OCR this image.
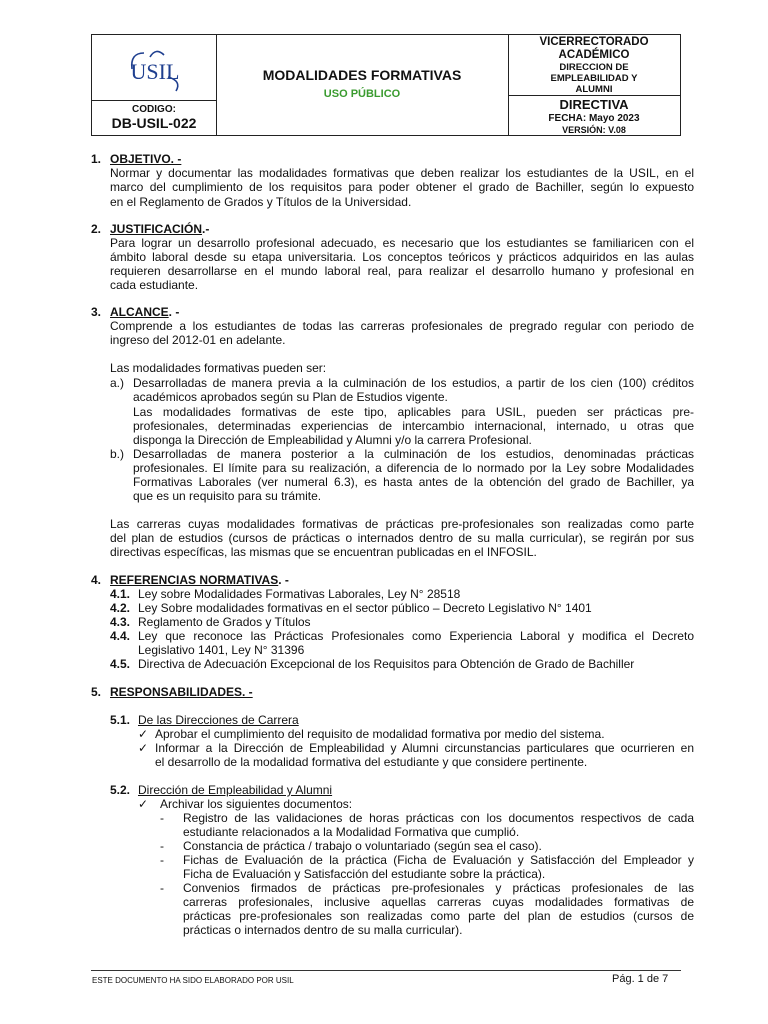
USIL
CODIGO:
DB-USIL-022
MODALIDADES FORMATIVAS
USO PÚBLICO
VICERRECTORADO ACADÉMICO
DIRECCION DE EMPLEABILIDAD Y ALUMNI
DIRECTIVA
FECHA: Mayo 2023
VERSIÓN: V.08
1. OBJETIVO. -
Normar y documentar las modalidades formativas que deben realizar los estudiantes de la USIL, en el
marco del cumplimiento de los requisitos para poder obtener el grado de Bachiller, según lo expuesto
en el Reglamento de Grados y Títulos de la Universidad.
2. JUSTIFICACIÓN.-
Para lograr un desarrollo profesional adecuado, es necesario que los estudiantes se familiaricen con el
ámbito laboral desde su etapa universitaria. Los conceptos teóricos y prácticos adquiridos en las aulas
requieren desarrollarse en el mundo laboral real, para realizar el desarrollo humano y profesional en
cada estudiante.
3. ALCANCE. -
Comprende a los estudiantes de todas las carreras profesionales de pregrado regular con periodo de
ingreso del 2012-01 en adelante.
Las modalidades formativas pueden ser:
a.) Desarrolladas de manera previa a la culminación de los estudios, a partir de los cien (100) créditos
académicos aprobados según su Plan de Estudios vigente.
Las modalidades formativas de este tipo, aplicables para USIL, pueden ser prácticas pre-
profesionales, determinadas experiencias de intercambio internacional, internado, u otras que
disponga la Dirección de Empleabilidad y Alumni y/o la carrera Profesional.
b.) Desarrolladas de manera posterior a la culminación de los estudios, denominadas prácticas
profesionales. El límite para su realización, a diferencia de lo normado por la Ley sobre Modalidades
Formativas Laborales (ver numeral 6.3), es hasta antes de la obtención del grado de Bachiller, ya
que es un requisito para su trámite.
Las carreras cuyas modalidades formativas de prácticas pre-profesionales son realizadas como parte
del plan de estudios (cursos de prácticas o internados dentro de su malla curricular), se regirán por sus
directivas específicas, las mismas que se encuentran publicadas en el INFOSIL.
4. REFERENCIAS NORMATIVAS. -
4.1. Ley sobre Modalidades Formativas Laborales, Ley N° 28518
4.2. Ley Sobre modalidades formativas en el sector público – Decreto Legislativo N° 1401
4.3. Reglamento de Grados y Títulos
4.4. Ley que reconoce las Prácticas Profesionales como Experiencia Laboral y modifica el Decreto
Legislativo 1401, Ley N° 31396
4.5. Directiva de Adecuación Excepcional de los Requisitos para Obtención de Grado de Bachiller
5. RESPONSABILIDADES. -
5.1. De las Direcciones de Carrera
✓ Aprobar el cumplimiento del requisito de modalidad formativa por medio del sistema.
✓ Informar a la Dirección de Empleabilidad y Alumni circunstancias particulares que ocurrieren en
el desarrollo de la modalidad formativa del estudiante y que considere pertinente.
5.2. Dirección de Empleabilidad y Alumni
✓ Archivar los siguientes documentos:
- Registro de las validaciones de horas prácticas con los documentos respectivos de cada
estudiante relacionados a la Modalidad Formativa que cumplió.
- Constancia de práctica / trabajo o voluntariado (según sea el caso).
- Fichas de Evaluación de la práctica (Ficha de Evaluación y Satisfacción del Empleador y
Ficha de Evaluación y Satisfacción del estudiante sobre la práctica).
- Convenios firmados de prácticas pre-profesionales y prácticas profesionales de las
carreras profesionales, inclusive aquellas carreras cuyas modalidades formativas de
prácticas pre-profesionales son realizadas como parte del plan de estudios (cursos de
prácticas o internados dentro de su malla curricular).
ESTE DOCUMENTO HA SIDO ELABORADO POR USIL	Pág. 1 de 7
